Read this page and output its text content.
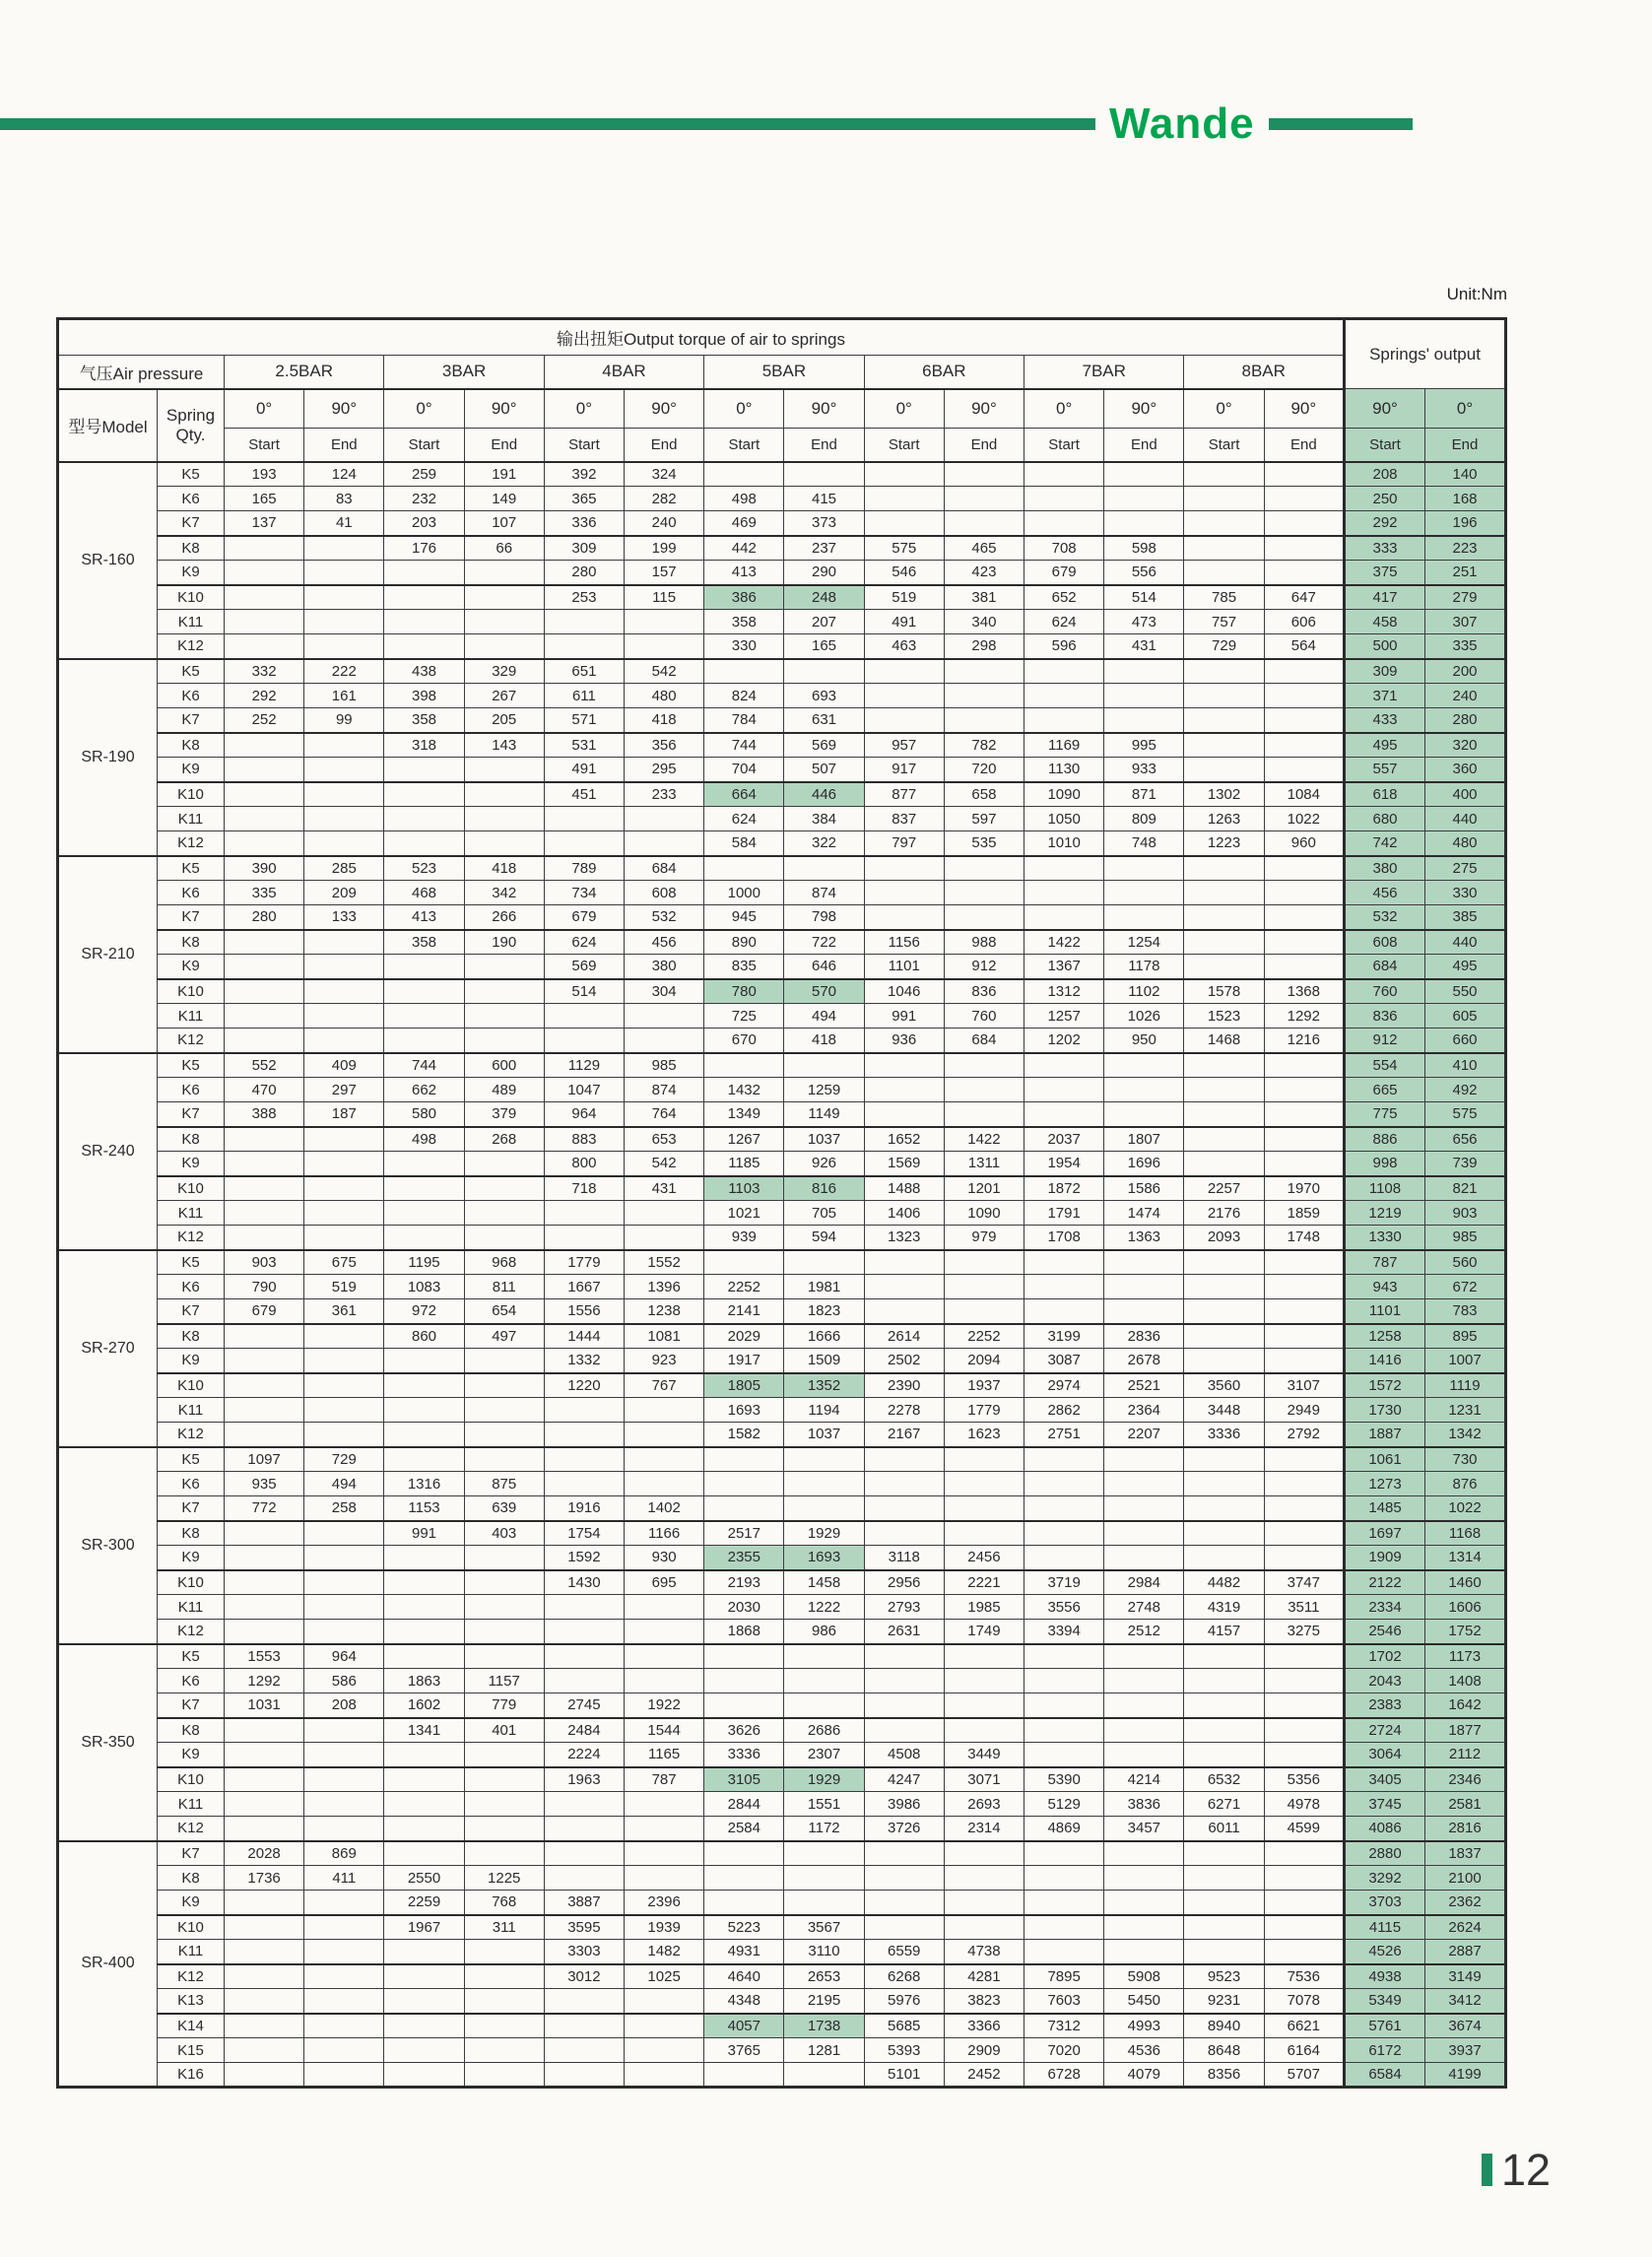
Wande
Unit:Nm
输出扭矩Output torque of air to springs																Springs' output	
气压Air pressure		2.5BAR		3BAR		4BAR		5BAR		6BAR		7BAR		8BAR			
型号Model	Spring Qty.	0°	90°	0°	90°	0°	90°	0°	90°	0°	90°	0°	90°	0°	90°	90°	0°
		Start	End	Start	End	Start	End	Start	End	Start	End	Start	End	Start	End	Start	End
SR-160	K5	193	124	259	191	392	324									208	140
	K6	165	83	232	149	365	282	498	415							250	168
	K7	137	41	203	107	336	240	469	373							292	196
	K8			176	66	309	199	442	237	575	465	708	598			333	223
	K9					280	157	413	290	546	423	679	556			375	251
	K10					253	115	386	248	519	381	652	514	785	647	417	279
	K11							358	207	491	340	624	473	757	606	458	307
	K12							330	165	463	298	596	431	729	564	500	335
SR-190	K5	332	222	438	329	651	542									309	200
	K6	292	161	398	267	611	480	824	693							371	240
	K7	252	99	358	205	571	418	784	631							433	280
	K8			318	143	531	356	744	569	957	782	1169	995			495	320
	K9					491	295	704	507	917	720	1130	933			557	360
	K10					451	233	664	446	877	658	1090	871	1302	1084	618	400
	K11							624	384	837	597	1050	809	1263	1022	680	440
	K12							584	322	797	535	1010	748	1223	960	742	480
SR-210	K5	390	285	523	418	789	684									380	275
	K6	335	209	468	342	734	608	1000	874							456	330
	K7	280	133	413	266	679	532	945	798							532	385
	K8			358	190	624	456	890	722	1156	988	1422	1254			608	440
	K9					569	380	835	646	1101	912	1367	1178			684	495
	K10					514	304	780	570	1046	836	1312	1102	1578	1368	760	550
	K11							725	494	991	760	1257	1026	1523	1292	836	605
	K12							670	418	936	684	1202	950	1468	1216	912	660
SR-240	K5	552	409	744	600	1129	985									554	410
	K6	470	297	662	489	1047	874	1432	1259							665	492
	K7	388	187	580	379	964	764	1349	1149							775	575
	K8			498	268	883	653	1267	1037	1652	1422	2037	1807			886	656
	K9					800	542	1185	926	1569	1311	1954	1696			998	739
	K10					718	431	1103	816	1488	1201	1872	1586	2257	1970	1108	821
	K11							1021	705	1406	1090	1791	1474	2176	1859	1219	903
	K12							939	594	1323	979	1708	1363	2093	1748	1330	985
SR-270	K5	903	675	1195	968	1779	1552									787	560
	K6	790	519	1083	811	1667	1396	2252	1981							943	672
	K7	679	361	972	654	1556	1238	2141	1823							1101	783
	K8			860	497	1444	1081	2029	1666	2614	2252	3199	2836			1258	895
	K9					1332	923	1917	1509	2502	2094	3087	2678			1416	1007
	K10					1220	767	1805	1352	2390	1937	2974	2521	3560	3107	1572	1119
	K11							1693	1194	2278	1779	2862	2364	3448	2949	1730	1231
	K12							1582	1037	2167	1623	2751	2207	3336	2792	1887	1342
SR-300	K5	1097	729													1061	730
	K6	935	494	1316	875											1273	876
	K7	772	258	1153	639	1916	1402									1485	1022
	K8			991	403	1754	1166	2517	1929							1697	1168
	K9					1592	930	2355	1693	3118	2456					1909	1314
	K10					1430	695	2193	1458	2956	2221	3719	2984	4482	3747	2122	1460
	K11							2030	1222	2793	1985	3556	2748	4319	3511	2334	1606
	K12							1868	986	2631	1749	3394	2512	4157	3275	2546	1752
SR-350	K5	1553	964													1702	1173
	K6	1292	586	1863	1157											2043	1408
	K7	1031	208	1602	779	2745	1922									2383	1642
	K8			1341	401	2484	1544	3626	2686							2724	1877
	K9					2224	1165	3336	2307	4508	3449					3064	2112
	K10					1963	787	3105	1929	4247	3071	5390	4214	6532	5356	3405	2346
	K11							2844	1551	3986	2693	5129	3836	6271	4978	3745	2581
	K12							2584	1172	3726	2314	4869	3457	6011	4599	4086	2816
SR-400	K7	2028	869													2880	1837
	K8	1736	411	2550	1225											3292	2100
	K9			2259	768	3887	2396									3703	2362
	K10			1967	311	3595	1939	5223	3567							4115	2624
	K11					3303	1482	4931	3110	6559	4738					4526	2887
	K12					3012	1025	4640	2653	6268	4281	7895	5908	9523	7536	4938	3149
	K13							4348	2195	5976	3823	7603	5450	9231	7078	5349	3412
	K14							4057	1738	5685	3366	7312	4993	8940	6621	5761	3674
	K15							3765	1281	5393	2909	7020	4536	8648	6164	6172	3937
	K16									5101	2452	6728	4079	8356	5707	6584	4199
12
